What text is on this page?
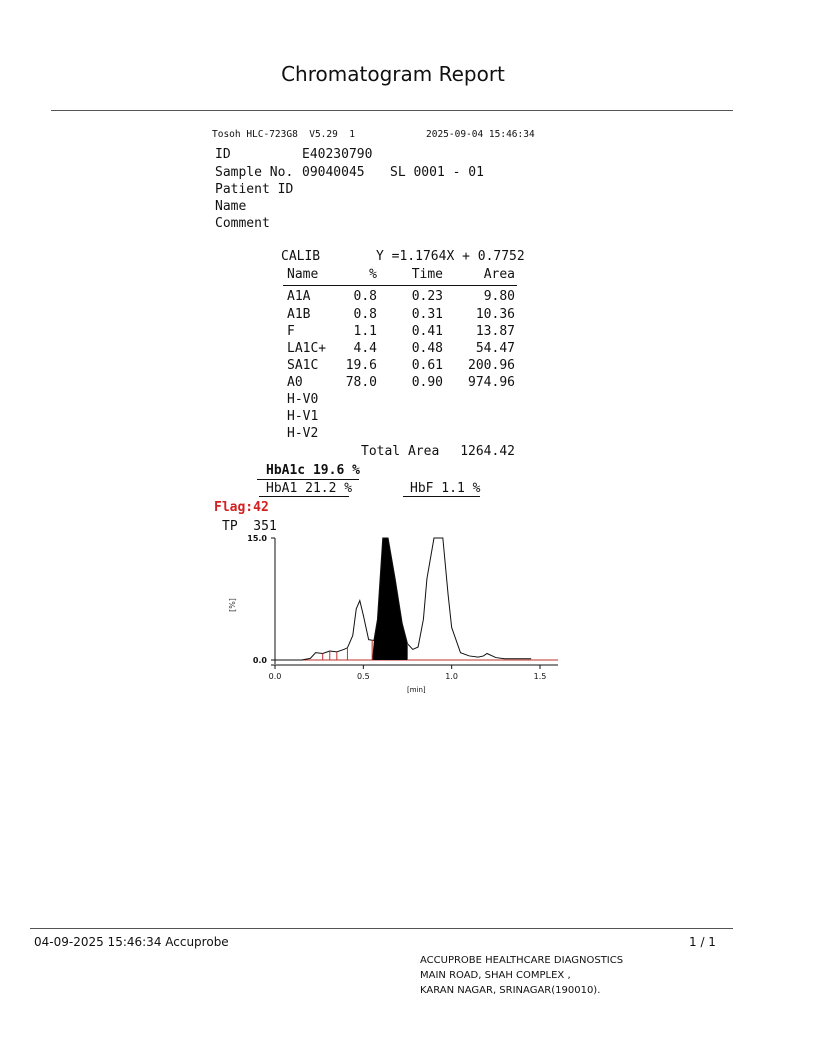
Chromatogram Report
Tosoh HLC-723G8  V5.29  1	2025-09-04 15:46:34
ID	E40230790
Sample No. 09040045 SL 0001 - 01
Patient ID
Name
Comment
CALIB	Y =1.1764X + 0.7752
Name	%	Time	Area
A1A	0.8	0.23	9.80
A1B	0.8	0.31	10.36
F	1.1	0.41	13.87
LA1C+	4.4	0.48	54.47
SA1C	19.6	0.61	200.96
A0	78.0	0.90	974.96
H-V0
H-V1
H-V2
Total Area	1264.42
HbA1c 19.6 %
HbA1 21.2 %	HbF 1.1 %
Flag:42
TP  351
0.0
15.0
0.0	0.5	1.0	1.5
[min]
[%]
04-09-2025 15:46:34 Accuprobe	1 / 1
ACCUPROBE HEALTHCARE DIAGNOSTICS
MAIN ROAD, SHAH COMPLEX ,
KARAN NAGAR, SRINAGAR(190010).
